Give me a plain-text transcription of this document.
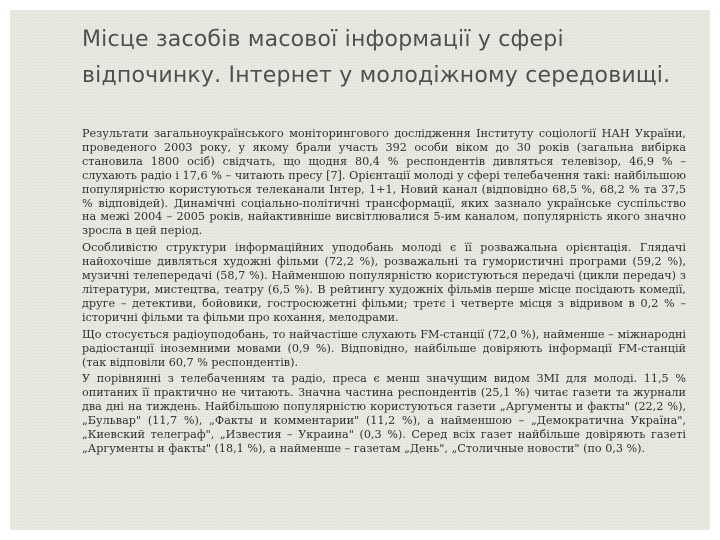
Місце засобів масової інформації у сфері
відпочинку. Інтернет у молодіжному середовищі.

Результати загальноукраїнського моніторингового дослідження Інституту соціології НАН України, проведеного 2003 року, у якому брали участь 392 особи віком до 30 років (загальна вибірка становила 1800 осіб) свідчать, що щодня 80,4 % респондентів дивляться телевізор, 46,9 % – слухають радіо і 17,6 % – читають пресу [7]. Орієнтації молоді у сфері телебачення такі: найбільшою популярністю користуються телеканали Інтер, 1+1, Новий канал (відповідно 68,5 %, 68,2 % та 37,5 % відповідей). Динамічні соціально-політичні трансформації, яких зазнало українське суспільство на межі 2004 – 2005 років, найактивніше висвітлювалися 5-им каналом, популярність якого значно зросла в цей період.

Особливістю структури інформаційних уподобань молоді є її розважальна орієнтація. Глядачі найохочіше дивляться художні фільми (72,2 %), розважальні та гумористичні програми (59,2 %), музичні телепередачі (58,7 %). Найменшою популярністю користуються передачі (цикли передач) з літератури, мистецтва, театру (6,5 %). В рейтингу художніх фільмів перше місце посідають комедії, друге – детективи, бойовики, гостросюжетні фільми; третє і четверте місця з відривом в 0,2 % – історичні фільми та фільми про кохання, мелодрами.

Що стосується радіоуподобань, то найчастіше слухають FM-станції (72,0 %), найменше – міжнародні радіостанції іноземними мовами (0,9 %). Відповідно, найбільше довіряють інформації FM-станцій (так відповіли 60,7 % респондентів).

У порівнянні з телебаченням та радіо, преса є менш значущим видом ЗМІ для молоді. 11,5 % опитаних її практично не читають. Значна частина респондентів (25,1 %) читає газети та журнали два дні на тиждень. Найбільшою популярністю користуються газети „Аргументы и факты" (22,2 %), „Бульвар" (11,7 %), „Факты и комментарии" (11,2 %), а найменшою – „Демократична Україна", „Киевский телеграф", „Известия – Украина" (0,3 %). Серед всіх газет найбільше довіряють газеті „Аргументы и факты" (18,1 %), а найменше – газетам „День", „Столичные новости" (по 0,3 %).
